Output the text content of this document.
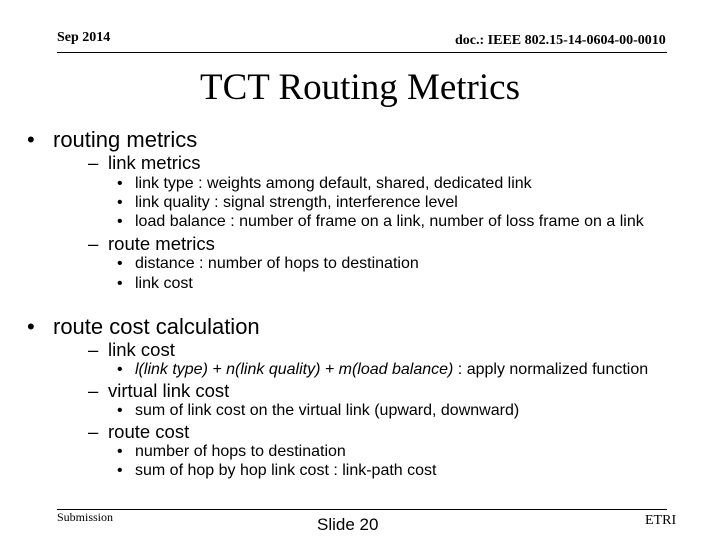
Sep 2014	doc.: IEEE 802.15-14-0604-00-0010
TCT Routing Metrics
• routing metrics
– link metrics
• link type : weights among default, shared, dedicated link
• link quality : signal strength, interference level
• load balance : number of frame on a link, number of loss frame on a link
– route metrics
• distance : number of hops to destination
• link cost
• route cost calculation
– link cost
• l(link type) + n(link quality) + m(load balance) : apply normalized function
– virtual link cost
• sum of link cost on the virtual link (upward, downward)
– route cost
• number of hops to destination
• sum of hop by hop link cost : link-path cost
Submission	Slide 20	ETRI
